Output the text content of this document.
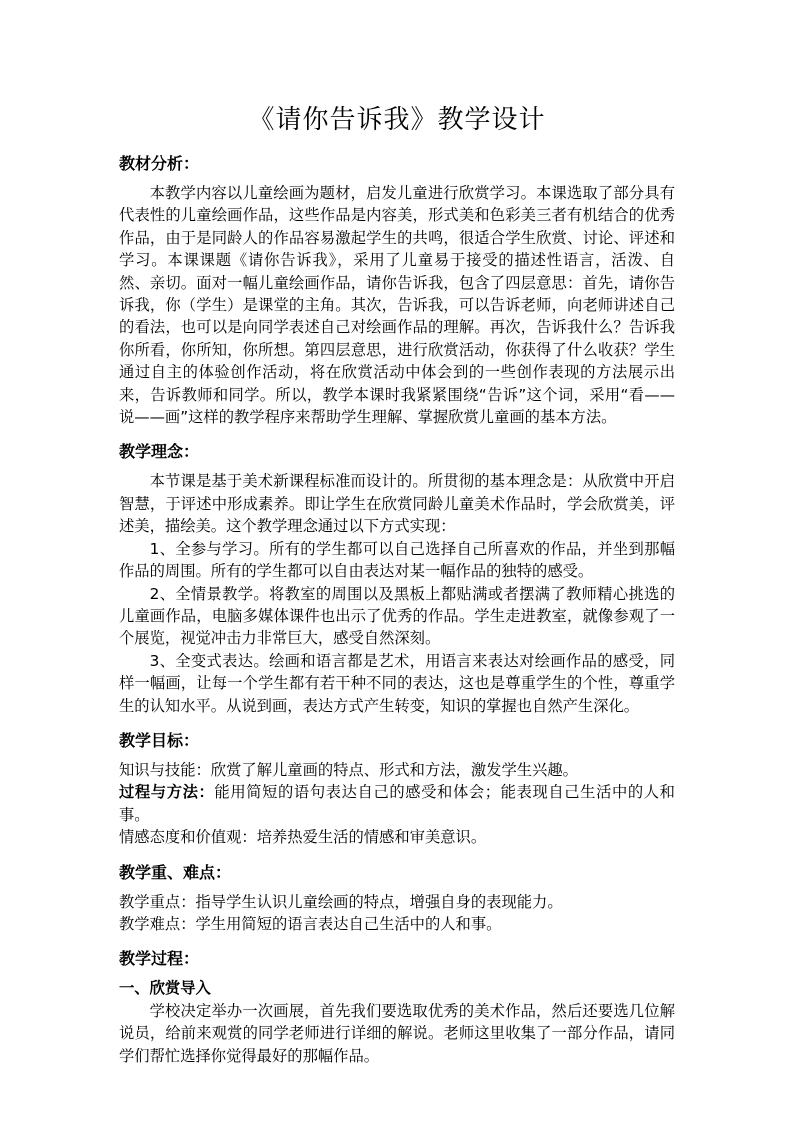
《请你告诉我》教学设计
教材分析：

本教学内容以儿童绘画为题材，启发儿童进行欣赏学习。本课选取了部分具有代表性的儿童绘画作品，这些作品是内容美，形式美和色彩美三者有机结合的优秀作品，由于是同龄人的作品容易激起学生的共鸣，很适合学生欣赏、讨论、评述和学习。本课课题《请你告诉我》，采用了儿童易于接受的描述性语言，活泼、自然、亲切。面对一幅儿童绘画作品，请你告诉我，包含了四层意思：首先，请你告诉我，你（学生）是课堂的主角。其次，告诉我，可以告诉老师，向老师讲述自己的看法，也可以是向同学表述自己对绘画作品的理解。再次，告诉我什么？告诉我你所看，你所知，你所想。第四层意思，进行欣赏活动，你获得了什么收获？学生通过自主的体验创作活动，将在欣赏活动中体会到的一些创作表现的方法展示出来，告诉教师和同学。所以，教学本课时我紧紧围绕“告诉”这个词，采用“看——说——画”这样的教学程序来帮助学生理解、掌握欣赏儿童画的基本方法。

教学理念：

本节课是基于美术新课程标准而设计的。所贯彻的基本理念是：从欣赏中开启智慧，于评述中形成素养。即让学生在欣赏同龄儿童美术作品时，学会欣赏美，评述美，描绘美。这个教学理念通过以下方式实现：

1、全参与学习。所有的学生都可以自己选择自己所喜欢的作品，并坐到那幅作品的周围。所有的学生都可以自由表达对某一幅作品的独特的感受。

2、全情景教学。将教室的周围以及黑板上都贴满或者摆满了教师精心挑选的儿童画作品，电脑多媒体课件也出示了优秀的作品。学生走进教室，就像参观了一个展览，视觉冲击力非常巨大，感受自然深刻。

3、全变式表达。绘画和语言都是艺术，用语言来表达对绘画作品的感受，同样一幅画，让每一个学生都有若干种不同的表达，这也是尊重学生的个性，尊重学生的认知水平。从说到画，表达方式产生转变，知识的掌握也自然产生深化。

教学目标：

知识与技能：欣赏了解儿童画的特点、形式和方法，激发学生兴趣。

过程与方法：能用简短的语句表达自己的感受和体会；能表现自己生活中的人和事。

情感态度和价值观：培养热爱生活的情感和审美意识。

教学重、难点：

教学重点：指导学生认识儿童绘画的特点，增强自身的表现能力。

教学难点：学生用简短的语言表达自己生活中的人和事。

教学过程：

一、欣赏导入

学校决定举办一次画展，首先我们要选取优秀的美术作品，然后还要选几位解说员，给前来观赏的同学老师进行详细的解说。老师这里收集了一部分作品，请同学们帮忙选择你觉得最好的那幅作品。
